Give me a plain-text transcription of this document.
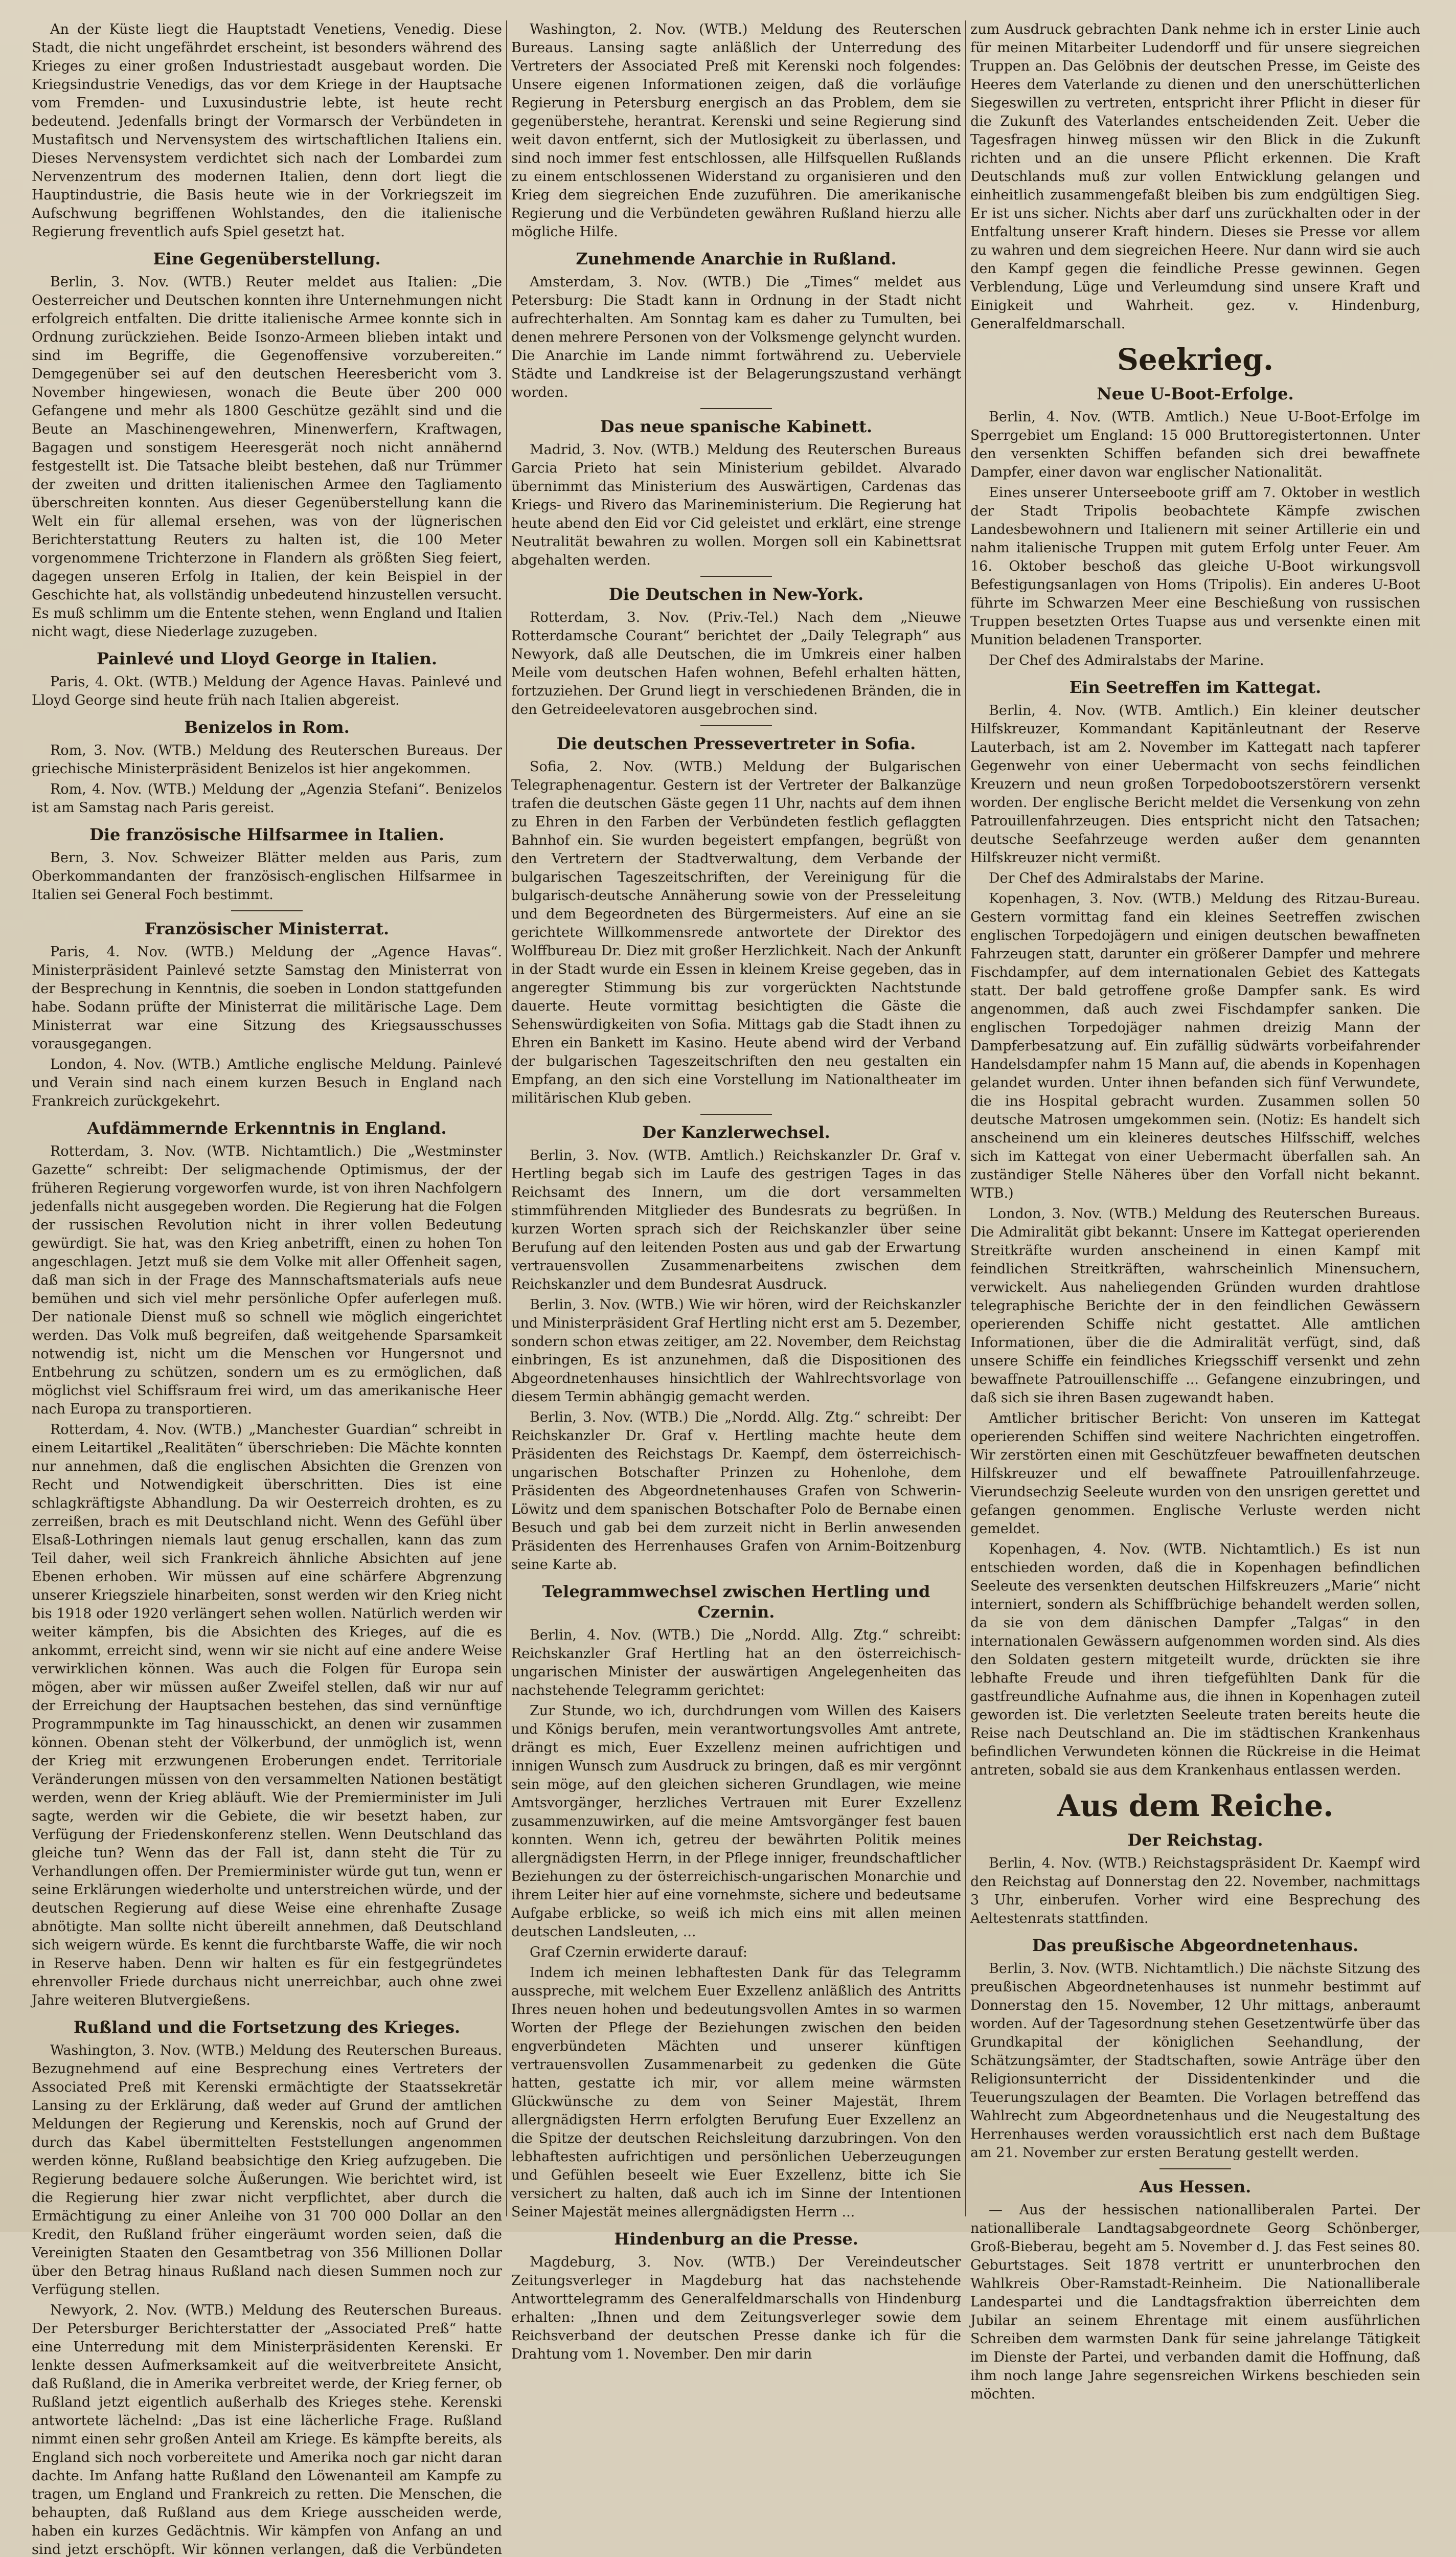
An der Küste liegt die Hauptstadt Venetiens, Venedig. Diese Stadt, die nicht ungefährdet erscheint, ist besonders während des Krieges zu einer großen Industriestadt ausgebaut worden. Die Kriegsindustrie Venedigs, das vor dem Kriege in der Hauptsache vom Fremden- und Luxusindustrie lebte, ist heute recht bedeutend. Jedenfalls bringt der Vormarsch der Verbündeten in Mustafitsch und Nervensystem des wirtschaftlichen Italiens ein. Dieses Nervensystem verdichtet sich nach der Lombardei zum Nervenzentrum des modernen Italien, denn dort liegt die Hauptindustrie, die Basis heute wie in der Vorkriegszeit im Aufschwung begriffenen Wohlstandes, den die italienische Regierung freventlich aufs Spiel gesetzt hat.

Eine Gegenüberstellung.

Berlin, 3. Nov. (WTB.) Reuter meldet aus Italien: „Die Oesterreicher und Deutschen konnten ihre Unternehmungen nicht erfolgreich entfalten. Die dritte italienische Armee konnte sich in Ordnung zurückziehen. Beide Isonzo-Armeen blieben intakt und sind im Begriffe, die Gegenoffensive vorzubereiten.“ Demgegenüber sei auf den deutschen Heeresbericht vom 3. November hingewiesen, wonach die Beute über 200 000 Gefangene und mehr als 1800 Geschütze gezählt sind und die Beute an Maschinengewehren, Minenwerfern, Kraftwagen, Bagagen und sonstigem Heeresgerät noch nicht annähernd festgestellt ist. Die Tatsache bleibt bestehen, daß nur Trümmer der zweiten und dritten italienischen Armee den Tagliamento überschreiten konnten. Aus dieser Gegenüberstellung kann die Welt ein für allemal ersehen, was von der lügnerischen Berichterstattung Reuters zu halten ist, die 100 Meter vorgenommene Trichterzone in Flandern als größten Sieg feiert, dagegen unseren Erfolg in Italien, der kein Beispiel in der Geschichte hat, als vollständig unbedeutend hinzustellen versucht. Es muß schlimm um die Entente stehen, wenn England und Italien nicht wagt, diese Niederlage zuzugeben.

Painlevé und Lloyd George in Italien.

Paris, 4. Okt. (WTB.) Meldung der Agence Havas. Painlevé und Lloyd George sind heute früh nach Italien abgereist.

Benizelos in Rom.

Rom, 3. Nov. (WTB.) Meldung des Reuterschen Bureaus. Der griechische Ministerpräsident Benizelos ist hier angekommen.

Rom, 4. Nov. (WTB.) Meldung der „Agenzia Stefani“. Benizelos ist am Samstag nach Paris gereist.

Die französische Hilfsarmee in Italien.

Bern, 3. Nov. Schweizer Blätter melden aus Paris, zum Oberkommandanten der französisch-englischen Hilfsarmee in Italien sei General Foch bestimmt.

Französischer Ministerrat.

Paris, 4. Nov. (WTB.) Meldung der „Agence Havas“. Ministerpräsident Painlevé setzte Samstag den Ministerrat von der Besprechung in Kenntnis, die soeben in London stattgefunden habe. Sodann prüfte der Ministerrat die militärische Lage. Dem Ministerrat war eine Sitzung des Kriegsausschusses vorausgegangen.

London, 4. Nov. (WTB.) Amtliche englische Meldung. Painlevé und Verain sind nach einem kurzen Besuch in England nach Frankreich zurückgekehrt.

Aufdämmernde Erkenntnis in England.

Rotterdam, 3. Nov. (WTB. Nichtamtlich.) Die „Westminster Gazette“ schreibt: Der seligmachende Optimismus, der der früheren Regierung vorgeworfen wurde, ist von ihren Nachfolgern jedenfalls nicht ausgegeben worden. Die Regierung hat die Folgen der russischen Revolution nicht in ihrer vollen Bedeutung gewürdigt. Sie hat, was den Krieg anbetrifft, einen zu hohen Ton angeschlagen. Jetzt muß sie dem Volke mit aller Offenheit sagen, daß man sich in der Frage des Mannschaftsmaterials aufs neue bemühen und sich viel mehr persönliche Opfer auferlegen muß. Der nationale Dienst muß so schnell wie möglich eingerichtet werden. Das Volk muß begreifen, daß weitgehende Sparsamkeit notwendig ist, nicht um die Menschen vor Hungersnot und Entbehrung zu schützen, sondern um es zu ermöglichen, daß möglichst viel Schiffsraum frei wird, um das amerikanische Heer nach Europa zu transportieren.

Rotterdam, 4. Nov. (WTB.) „Manchester Guardian“ schreibt in einem Leitartikel „Realitäten“ überschrieben: Die Mächte konnten nur annehmen, daß die englischen Absichten die Grenzen von Recht und Notwendigkeit überschritten. Dies ist eine schlagkräftigste Abhandlung. Da wir Oesterreich drohten, es zu zerreißen, brach es mit Deutschland nicht. Wenn des Gefühl über Elsaß-Lothringen niemals laut genug erschallen, kann das zum Teil daher, weil sich Frankreich ähnliche Absichten auf jene Ebenen erhoben. Wir müssen auf eine schärfere Abgrenzung unserer Kriegsziele hinarbeiten, sonst werden wir den Krieg nicht bis 1918 oder 1920 verlängert sehen wollen. Natürlich werden wir weiter kämpfen, bis die Absichten des Krieges, auf die es ankommt, erreicht sind, wenn wir sie nicht auf eine andere Weise verwirklichen können. Was auch die Folgen für Europa sein mögen, aber wir müssen außer Zweifel stellen, daß wir nur auf der Erreichung der Hauptsachen bestehen, das sind vernünftige Programmpunkte im Tag hinausschickt, an denen wir zusammen können. Obenan steht der Völkerbund, der unmöglich ist, wenn der Krieg mit erzwungenen Eroberungen endet. Territoriale Veränderungen müssen von den versammelten Nationen bestätigt werden, wenn der Krieg abläuft. Wie der Premierminister im Juli sagte, werden wir die Gebiete, die wir besetzt haben, zur Verfügung der Friedenskonferenz stellen. Wenn Deutschland das gleiche tun? Wenn das der Fall ist, dann steht die Tür zu Verhandlungen offen. Der Premierminister würde gut tun, wenn er seine Erklärungen wiederholte und unterstreichen würde, und der deutschen Regierung auf diese Weise eine ehrenhafte Zusage abnötigte. Man sollte nicht übereilt annehmen, daß Deutschland sich weigern würde. Es kennt die furchtbarste Waffe, die wir noch in Reserve haben. Denn wir halten es für ein festgegründetes ehrenvoller Friede durchaus nicht unerreichbar, auch ohne zwei Jahre weiteren Blutvergießens.

Rußland und die Fortsetzung des Krieges.

Washington, 3. Nov. (WTB.) Meldung des Reuterschen Bureaus. Bezugnehmend auf eine Besprechung eines Vertreters der Associated Preß mit Kerenski ermächtigte der Staatssekretär Lansing zu der Erklärung, daß weder auf Grund der amtlichen Meldungen der Regierung und Kerenskis, noch auf Grund der durch das Kabel übermittelten Feststellungen angenommen werden könne, Rußland beabsichtige den Krieg aufzugeben. Die Regierung bedauere solche Äußerungen. Wie berichtet wird, ist die Regierung hier zwar nicht verpflichtet, aber durch die Ermächtigung zu einer Anleihe von 31 700 000 Dollar an den Kredit, den Rußland früher eingeräumt worden seien, daß die Vereinigten Staaten den Gesamtbetrag von 356 Millionen Dollar über den Betrag hinaus Rußland nach diesen Summen noch zur Verfügung stellen.

Newyork, 2. Nov. (WTB.) Meldung des Reuterschen Bureaus. Der Petersburger Berichterstatter der „Associated Preß“ hatte eine Unterredung mit dem Ministerpräsidenten Kerenski. Er lenkte dessen Aufmerksamkeit auf die weitverbreitete Ansicht, daß Rußland, die in Amerika verbreitet werde, der Krieg ferner, ob Rußland jetzt eigentlich außerhalb des Krieges stehe. Kerenski antwortete lächelnd: „Das ist eine lächerliche Frage. Rußland nimmt einen sehr großen Anteil am Kriege. Es kämpfte bereits, als England sich noch vorbereitete und Amerika noch gar nicht daran dachte. Im Anfang hatte Rußland den Löwenanteil am Kampfe zu tragen, um England und Frankreich zu retten. Die Menschen, die behaupten, daß Rußland aus dem Kriege ausscheiden werde, haben ein kurzes Gedächtnis. Wir kämpfen von Anfang an und sind jetzt erschöpft. Wir können verlangen, daß die Verbündeten

Washington, 2. Nov. (WTB.) Meldung des Reuterschen Bureaus. Lansing sagte anläßlich der Unterredung des Vertreters der Associated Preß mit Kerenski noch folgendes: Unsere eigenen Informationen zeigen, daß die vorläufige Regierung in Petersburg energisch an das Problem, dem sie gegenüberstehe, herantrat. Kerenski und seine Regierung sind weit davon entfernt, sich der Mutlosigkeit zu überlassen, und sind noch immer fest entschlossen, alle Hilfsquellen Rußlands zu einem entschlossenen Widerstand zu organisieren und den Krieg dem siegreichen Ende zuzuführen. Die amerikanische Regierung und die Verbündeten gewähren Rußland hierzu alle mögliche Hilfe.

Zunehmende Anarchie in Rußland.

Amsterdam, 3. Nov. (WTB.) Die „Times“ meldet aus Petersburg: Die Stadt kann in Ordnung in der Stadt nicht aufrechterhalten. Am Sonntag kam es daher zu Tumulten, bei denen mehrere Personen von der Volksmenge gelyncht wurden. Die Anarchie im Lande nimmt fortwährend zu. Ueberviele Städte und Landkreise ist der Belagerungszustand verhängt worden.

Das neue spanische Kabinett.

Madrid, 3. Nov. (WTB.) Meldung des Reuterschen Bureaus Garcia Prieto hat sein Ministerium gebildet. Alvarado übernimmt das Ministerium des Auswärtigen, Cardenas das Kriegs- und Rivero das Marineministerium. Die Regierung hat heute abend den Eid vor Cid geleistet und erklärt, eine strenge Neutralität bewahren zu wollen. Morgen soll ein Kabinettsrat abgehalten werden.

Die Deutschen in New-York.

Rotterdam, 3. Nov. (Priv.-Tel.) Nach dem „Nieuwe Rotterdamsche Courant“ berichtet der „Daily Telegraph“ aus Newyork, daß alle Deutschen, die im Umkreis einer halben Meile vom deutschen Hafen wohnen, Befehl erhalten hätten, fortzuziehen. Der Grund liegt in verschiedenen Bränden, die in den Getreideelevatoren ausgebrochen sind.

Die deutschen Pressevertreter in Sofia.

Sofia, 2. Nov. (WTB.) Meldung der Bulgarischen Telegraphenagentur. Gestern ist der Vertreter der Balkanzüge trafen die deutschen Gäste gegen 11 Uhr, nachts auf dem ihnen zu Ehren in den Farben der Verbündeten festlich geflaggten Bahnhof ein. Sie wurden begeistert empfangen, begrüßt von den Vertretern der Stadtverwaltung, dem Verbande der bulgarischen Tageszeitschriften, der Vereinigung für die bulgarisch-deutsche Annäherung sowie von der Presseleitung und dem Begeordneten des Bürgermeisters. Auf eine an sie gerichtete Willkommensrede antwortete der Direktor des Wolffbureau Dr. Diez mit großer Herzlichkeit. Nach der Ankunft in der Stadt wurde ein Essen in kleinem Kreise gegeben, das in angeregter Stimmung bis zur vorgerückten Nachtstunde dauerte. Heute vormittag besichtigten die Gäste die Sehenswürdigkeiten von Sofia. Mittags gab die Stadt ihnen zu Ehren ein Bankett im Kasino. Heute abend wird der Verband der bulgarischen Tageszeitschriften den neu gestalten ein Empfang, an den sich eine Vorstellung im Nationaltheater im militärischen Klub geben.

Der Kanzlerwechsel.

Berlin, 3. Nov. (WTB. Amtlich.) Reichskanzler Dr. Graf v. Hertling begab sich im Laufe des gestrigen Tages in das Reichsamt des Innern, um die dort versammelten stimmführenden Mitglieder des Bundesrats zu begrüßen. In kurzen Worten sprach sich der Reichskanzler über seine Berufung auf den leitenden Posten aus und gab der Erwartung vertrauensvollen Zusammenarbeitens zwischen dem Reichskanzler und dem Bundesrat Ausdruck.

Berlin, 3. Nov. (WTB.) Wie wir hören, wird der Reichskanzler und Ministerpräsident Graf Hertling nicht erst am 5. Dezember, sondern schon etwas zeitiger, am 22. November, dem Reichstag einbringen, Es ist anzunehmen, daß die Dispositionen des Abgeordnetenhauses hinsichtlich der Wahlrechtsvorlage von diesem Termin abhängig gemacht werden.

Berlin, 3. Nov. (WTB.) Die „Nordd. Allg. Ztg.“ schreibt: Der Reichskanzler Dr. Graf v. Hertling machte heute dem Präsidenten des Reichstags Dr. Kaempf, dem österreichisch-ungarischen Botschafter Prinzen zu Hohenlohe, dem Präsidenten des Abgeordnetenhauses Grafen von Schwerin-Löwitz und dem spanischen Botschafter Polo de Bernabe einen Besuch und gab bei dem zurzeit nicht in Berlin anwesenden Präsidenten des Herrenhauses Grafen von Arnim-Boitzenburg seine Karte ab.

Telegrammwechsel zwischen Hertling und Czernin.

Berlin, 4. Nov. (WTB.) Die „Nordd. Allg. Ztg.“ schreibt: Reichskanzler Graf Hertling hat an den österreichisch-ungarischen Minister der auswärtigen Angelegenheiten das nachstehende Telegramm gerichtet:

Zur Stunde, wo ich, durchdrungen vom Willen des Kaisers und Königs berufen, mein verantwortungsvolles Amt antrete, drängt es mich, Euer Exzellenz meinen aufrichtigen und innigen Wunsch zum Ausdruck zu bringen, daß es mir vergönnt sein möge, auf den gleichen sicheren Grundlagen, wie meine Amtsvorgänger, herzliches Vertrauen mit Eurer Exzellenz zusammenzuwirken, auf die meine Amtsvorgänger fest bauen konnten. Wenn ich, getreu der bewährten Politik meines allergnädigsten Herrn, in der Pflege inniger, freundschaftlicher Beziehungen zu der österreichisch-ungarischen Monarchie und ihrem Leiter hier auf eine vornehmste, sichere und bedeutsame Aufgabe erblicke, so weiß ich mich eins mit allen meinen deutschen Landsleuten, ...

Graf Czernin erwiderte darauf:

Indem ich meinen lebhaftesten Dank für das Telegramm ausspreche, mit welchem Euer Exzellenz anläßlich des Antritts Ihres neuen hohen und bedeutungsvollen Amtes in so warmen Worten der Pflege der Beziehungen zwischen den beiden engverbündeten Mächten und unserer künftigen vertrauensvollen Zusammenarbeit zu gedenken die Güte hatten, gestatte ich mir, vor allem meine wärmsten Glückwünsche zu dem von Seiner Majestät, Ihrem allergnädigsten Herrn erfolgten Berufung Euer Exzellenz an die Spitze der deutschen Reichsleitung darzubringen. Von den lebhaftesten aufrichtigen und persönlichen Ueberzeugungen und Gefühlen beseelt wie Euer Exzellenz, bitte ich Sie versichert zu halten, daß auch ich im Sinne der Intentionen Seiner Majestät meines allergnädigsten Herrn ...

Hindenburg an die Presse.

Magdeburg, 3. Nov. (WTB.) Der Vereindeutscher Zeitungsverleger in Magdeburg hat das nachstehende Antworttelegramm des Generalfeldmarschalls von Hindenburg erhalten: „Ihnen und dem Zeitungsverleger sowie dem Reichsverband der deutschen Presse danke ich für die Drahtung vom 1. November. Den mir darin

zum Ausdruck gebrachten Dank nehme ich in erster Linie auch für meinen Mitarbeiter Ludendorff und für unsere siegreichen Truppen an. Das Gelöbnis der deutschen Presse, im Geiste des Heeres dem Vaterlande zu dienen und den unerschütterlichen Siegeswillen zu vertreten, entspricht ihrer Pflicht in dieser für die Zukunft des Vaterlandes entscheidenden Zeit. Ueber die Tagesfragen hinweg müssen wir den Blick in die Zukunft richten und an die unsere Pflicht erkennen. Die Kraft Deutschlands muß zur vollen Entwicklung gelangen und einheitlich zusammengefaßt bleiben bis zum endgültigen Sieg. Er ist uns sicher. Nichts aber darf uns zurückhalten oder in der Entfaltung unserer Kraft hindern. Dieses sie Presse vor allem zu wahren und dem siegreichen Heere. Nur dann wird sie auch den Kampf gegen die feindliche Presse gewinnen. Gegen Verblendung, Lüge und Verleumdung sind unsere Kraft und Einigkeit und Wahrheit. gez. v. Hindenburg, Generalfeldmarschall.

Seekrieg.
Neue U-Boot-Erfolge.

Berlin, 4. Nov. (WTB. Amtlich.) Neue U-Boot-Erfolge im Sperrgebiet um England: 15 000 Bruttoregistertonnen. Unter den versenkten Schiffen befanden sich drei bewaffnete Dampfer, einer davon war englischer Nationalität.

Eines unserer Unterseeboote griff am 7. Oktober in westlich der Stadt Tripolis beobachtete Kämpfe zwischen Landesbewohnern und Italienern mit seiner Artillerie ein und nahm italienische Truppen mit gutem Erfolg unter Feuer. Am 16. Oktober beschoß das gleiche U-Boot wirkungsvoll Befestigungsanlagen von Homs (Tripolis). Ein anderes U-Boot führte im Schwarzen Meer eine Beschießung von russischen Truppen besetzten Ortes Tuapse aus und versenkte einen mit Munition beladenen Transporter.

Der Chef des Admiralstabs der Marine.

Ein Seetreffen im Kattegat.

Berlin, 4. Nov. (WTB. Amtlich.) Ein kleiner deutscher Hilfskreuzer, Kommandant Kapitänleutnant der Reserve Lauterbach, ist am 2. November im Kattegatt nach tapferer Gegenwehr von einer Uebermacht von sechs feindlichen Kreuzern und neun großen Torpedobootszerstörern versenkt worden. Der englische Bericht meldet die Versenkung von zehn Patrouillenfahrzeugen. Dies entspricht nicht den Tatsachen; deutsche Seefahrzeuge werden außer dem genannten Hilfskreuzer nicht vermißt.

Der Chef des Admiralstabs der Marine.

Kopenhagen, 3. Nov. (WTB.) Meldung des Ritzau-Bureau. Gestern vormittag fand ein kleines Seetreffen zwischen englischen Torpedojägern und einigen deutschen bewaffneten Fahrzeugen statt, darunter ein größerer Dampfer und mehrere Fischdampfer, auf dem internationalen Gebiet des Kattegats statt. Der bald getroffene große Dampfer sank. Es wird angenommen, daß auch zwei Fischdampfer sanken. Die englischen Torpedojäger nahmen dreizig Mann der Dampferbesatzung auf. Ein zufällig südwärts vorbeifahrender Handelsdampfer nahm 15 Mann auf, die abends in Kopenhagen gelandet wurden. Unter ihnen befanden sich fünf Verwundete, die ins Hospital gebracht wurden. Zusammen sollen 50 deutsche Matrosen umgekommen sein. (Notiz: Es handelt sich anscheinend um ein kleineres deutsches Hilfsschiff, welches sich im Kattegat von einer Uebermacht überfallen sah. An zuständiger Stelle Näheres über den Vorfall nicht bekannt. WTB.)

London, 3. Nov. (WTB.) Meldung des Reuterschen Bureaus. Die Admiralität gibt bekannt: Unsere im Kattegat operierenden Streitkräfte wurden anscheinend in einen Kampf mit feindlichen Streitkräften, wahrscheinlich Minensuchern, verwickelt. Aus naheliegenden Gründen wurden drahtlose telegraphische Berichte der in den feindlichen Gewässern operierenden Schiffe nicht gestattet. Alle amtlichen Informationen, über die die Admiralität verfügt, sind, daß unsere Schiffe ein feindliches Kriegsschiff versenkt und zehn bewaffnete Patrouillenschiffe ... Gefangene einzubringen, und daß sich sie ihren Basen zugewandt haben.

Amtlicher britischer Bericht: Von unseren im Kattegat operierenden Schiffen sind weitere Nachrichten eingetroffen. Wir zerstörten einen mit Geschützfeuer bewaffneten deutschen Hilfskreuzer und elf bewaffnete Patrouillenfahrzeuge. Vierundsechzig Seeleute wurden von den unsrigen gerettet und gefangen genommen. Englische Verluste werden nicht gemeldet.

Kopenhagen, 4. Nov. (WTB. Nichtamtlich.) Es ist nun entschieden worden, daß die in Kopenhagen befindlichen Seeleute des versenkten deutschen Hilfskreuzers „Marie“ nicht interniert, sondern als Schiffbrüchige behandelt werden sollen, da sie von dem dänischen Dampfer „Talgas“ in den internationalen Gewässern aufgenommen worden sind. Als dies den Soldaten gestern mitgeteilt wurde, drückten sie ihre lebhafte Freude und ihren tiefgefühlten Dank für die gastfreundliche Aufnahme aus, die ihnen in Kopenhagen zuteil geworden ist. Die verletzten Seeleute traten bereits heute die Reise nach Deutschland an. Die im städtischen Krankenhaus befindlichen Verwundeten können die Rückreise in die Heimat antreten, sobald sie aus dem Krankenhaus entlassen werden.

Aus dem Reiche.
Der Reichstag.

Berlin, 4. Nov. (WTB.) Reichstagspräsident Dr. Kaempf wird den Reichstag auf Donnerstag den 22. November, nachmittags 3 Uhr, einberufen. Vorher wird eine Besprechung des Aeltestenrats stattfinden.

Das preußische Abgeordnetenhaus.

Berlin, 3. Nov. (WTB. Nichtamtlich.) Die nächste Sitzung des preußischen Abgeordnetenhauses ist nunmehr bestimmt auf Donnerstag den 15. November, 12 Uhr mittags, anberaumt worden. Auf der Tagesordnung stehen Gesetzentwürfe über das Grundkapital der königlichen Seehandlung, der Schätzungsämter, der Stadtschaften, sowie Anträge über den Religionsunterricht der Dissidentenkinder und die Teuerungszulagen der Beamten. Die Vorlagen betreffend das Wahlrecht zum Abgeordnetenhaus und die Neugestaltung des Herrenhauses werden voraussichtlich erst nach dem Bußtage am 21. November zur ersten Beratung gestellt werden.

Aus Hessen.

— Aus der hessischen nationalliberalen Partei. Der nationalliberale Landtagsabgeordnete Georg Schönberger, Groß-Bieberau, begeht am 5. November d. J. das Fest seines 80. Geburtstages. Seit 1878 vertritt er ununterbrochen den Wahlkreis Ober-Ramstadt-Reinheim. Die Nationalliberale Landespartei und die Landtagsfraktion überreichten dem Jubilar an seinem Ehrentage mit einem ausführlichen Schreiben dem warmsten Dank für seine jahrelange Tätigkeit im Dienste der Partei, und verbanden damit die Hoffnung, daß ihm noch lange Jahre segensreichen Wirkens beschieden sein möchten.
